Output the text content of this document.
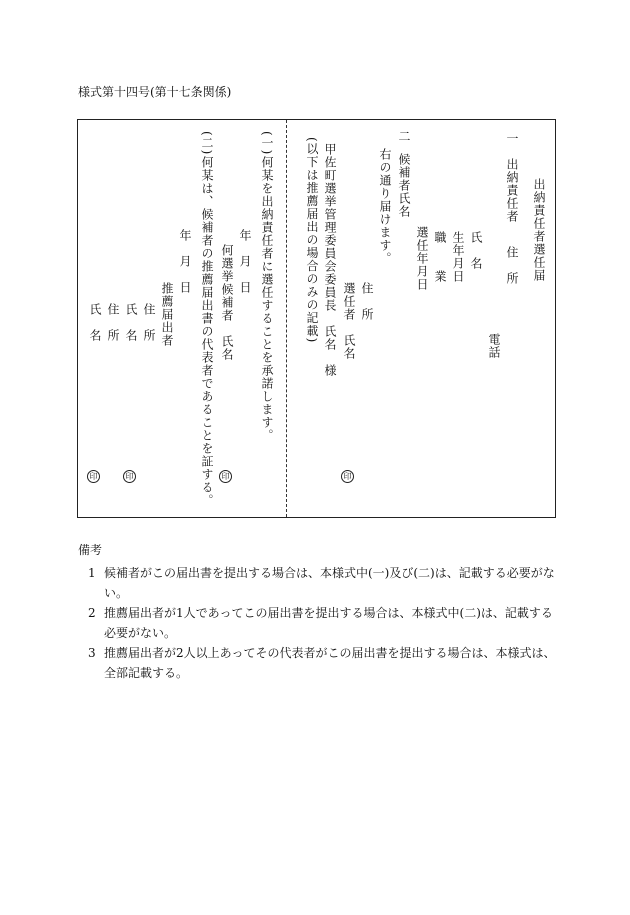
様式第十四号(第十七条関係)
出納責任者選任届
一
出納責任者
住　所
電話
氏　名
生年月日
職　　業
選任年月日
二
候補者氏名
右の通り届けます。
住　所
選任者　氏名
印
甲佐町選挙管理委員会委員長　氏名　様
(以下は推薦届出の場合のみの記載)
(一)
何某を出納責任者に選任することを承諾します。
年　月　日
何選挙候補者　氏名
印
(二)
何某は、候補者の推薦届出書の代表者であることを証する。
年　月　日
推薦届出者
住　所
氏　名
印
住　所
氏　名
印
備考
1 候補者がこの届出書を提出する場合は、本様式中(一)及び(二)は、記載する必要がない。
2 推薦届出者が1人であってこの届出書を提出する場合は、本様式中(二)は、記載する必要がない。
3 推薦届出者が2人以上あってその代表者がこの届出書を提出する場合は、本様式は、全部記載する。
